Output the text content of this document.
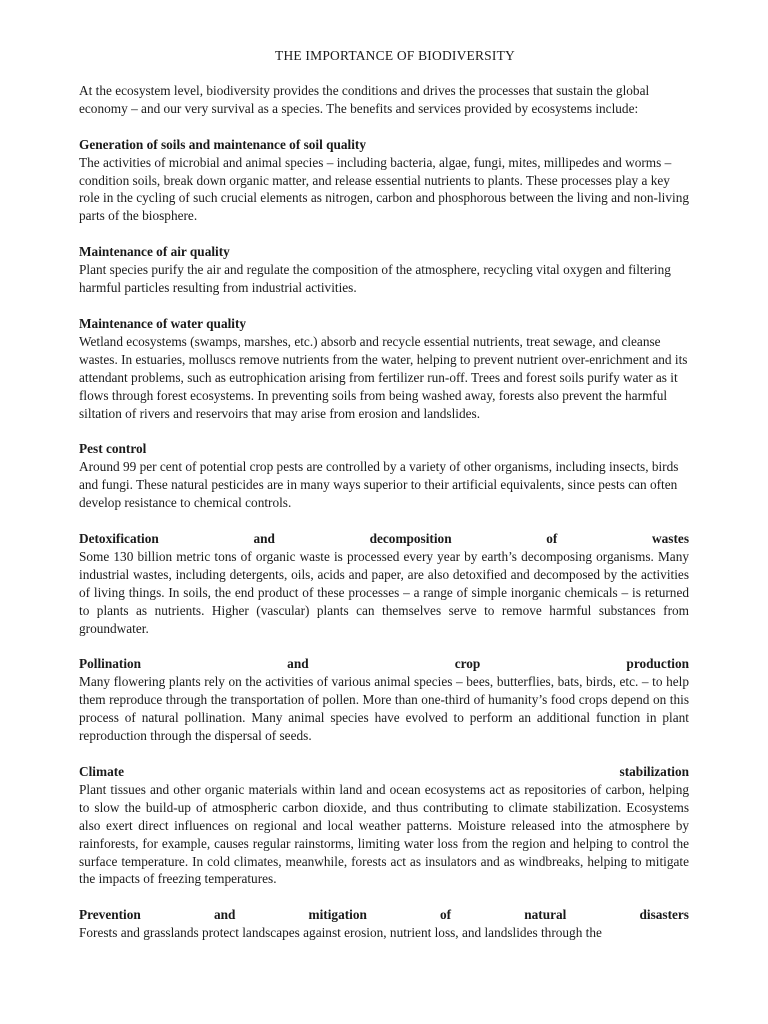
THE IMPORTANCE OF BIODIVERSITY

At the ecosystem level, biodiversity provides the conditions and drives the processes that sustain the global economy – and our very survival as a species. The benefits and services provided by ecosystems include:

Generation of soils and maintenance of soil quality

The activities of microbial and animal species – including bacteria, algae, fungi, mites, millipedes and worms – condition soils, break down organic matter, and release essential nutrients to plants. These processes play a key role in the cycling of such crucial elements as nitrogen, carbon and phosphorous between the living and non-living parts of the biosphere.

Maintenance of air quality

Plant species purify the air and regulate the composition of the atmosphere, recycling vital oxygen and filtering harmful particles resulting from industrial activities.

Maintenance of water quality

Wetland ecosystems (swamps, marshes, etc.) absorb and recycle essential nutrients, treat sewage, and cleanse wastes. In estuaries, molluscs remove nutrients from the water, helping to prevent nutrient over-enrichment and its attendant problems, such as eutrophication arising from fertilizer run-off. Trees and forest soils purify water as it flows through forest ecosystems. In preventing soils from being washed away, forests also prevent the harmful siltation of rivers and reservoirs that may arise from erosion and landslides.

Pest control

Around 99 per cent of potential crop pests are controlled by a variety of other organisms, including insects, birds and fungi. These natural pesticides are in many ways superior to their artificial equivalents, since pests can often develop resistance to chemical controls.

Detoxification and decomposition of wastes

Some 130 billion metric tons of organic waste is processed every year by earth’s decomposing organisms. Many industrial wastes, including detergents, oils, acids and paper, are also detoxified and decomposed by the activities of living things. In soils, the end product of these processes – a range of simple inorganic chemicals – is returned to plants as nutrients. Higher (vascular) plants can themselves serve to remove harmful substances from groundwater.

Pollination and crop production

Many flowering plants rely on the activities of various animal species – bees, butterflies, bats, birds, etc. – to help them reproduce through the transportation of pollen. More than one-third of humanity’s food crops depend on this process of natural pollination. Many animal species have evolved to perform an additional function in plant reproduction through the dispersal of seeds.

Climate stabilization

Plant tissues and other organic materials within land and ocean ecosystems act as repositories of carbon, helping to slow the build-up of atmospheric carbon dioxide, and thus contributing to climate stabilization. Ecosystems also exert direct influences on regional and local weather patterns. Moisture released into the atmosphere by rainforests, for example, causes regular rainstorms, limiting water loss from the region and helping to control the surface temperature. In cold climates, meanwhile, forests act as insulators and as windbreaks, helping to mitigate the impacts of freezing temperatures.

Prevention and mitigation of natural disasters

Forests and grasslands protect landscapes against erosion, nutrient loss, and landslides through the
